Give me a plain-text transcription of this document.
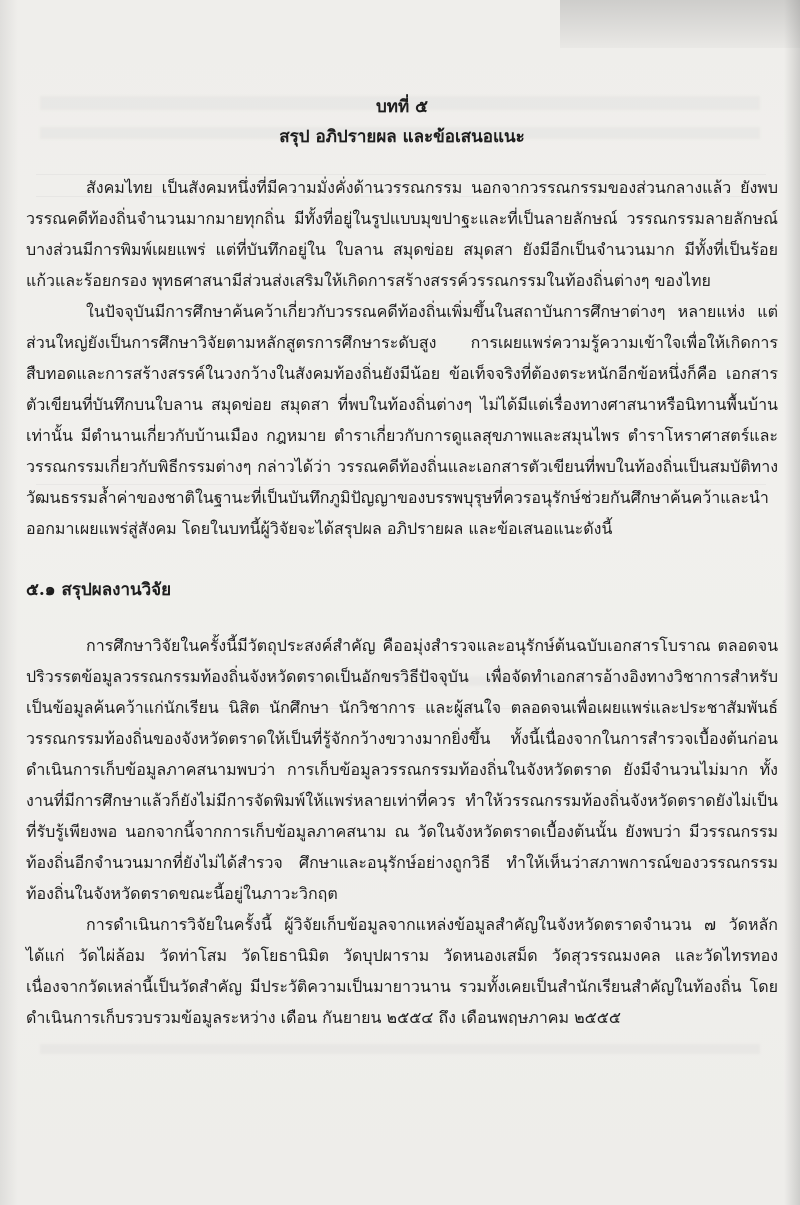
บทที่ ๕
สรุป อภิปรายผล และข้อเสนอแนะ

สังคมไทย เป็นสังคมหนึ่งที่มีความมั่งคั่งด้านวรรณกรรม นอกจากวรรณกรรมของส่วนกลางแล้ว ยังพบวรรณคดีท้องถิ่นจำนวนมากมายทุกถิ่น มีทั้งที่อยู่ในรูปแบบมุขปาฐะและที่เป็นลายลักษณ์ วรรณกรรมลายลักษณ์บางส่วนมีการพิมพ์เผยแพร่ แต่ที่บันทึกอยู่ใน ใบลาน สมุดข่อย สมุดสา ยังมีอีกเป็นจำนวนมาก มีทั้งที่เป็นร้อยแก้วและร้อยกรอง พุทธศาสนามีส่วนส่งเสริมให้เกิดการสร้างสรรค์วรรณกรรมในท้องถิ่นต่างๆ ของไทย

ในปัจจุบันมีการศึกษาค้นคว้าเกี่ยวกับวรรณคดีท้องถิ่นเพิ่มขึ้นในสถาบันการศึกษาต่างๆ หลายแห่ง แต่ส่วนใหญ่ยังเป็นการศึกษาวิจัยตามหลักสูตรการศึกษาระดับสูง การเผยแพร่ความรู้ความเข้าใจเพื่อให้เกิดการสืบทอดและการสร้างสรรค์ในวงกว้างในสังคมท้องถิ่นยังมีน้อย ข้อเท็จจริงที่ต้องตระหนักอีกข้อหนึ่งก็คือ เอกสารตัวเขียนที่บันทึกบนใบลาน สมุดข่อย สมุดสา ที่พบในท้องถิ่นต่างๆ ไม่ได้มีแต่เรื่องทางศาสนาหรือนิทานพื้นบ้านเท่านั้น มีตำนานเกี่ยวกับบ้านเมือง กฎหมาย ตำราเกี่ยวกับการดูแลสุขภาพและสมุนไพร ตำราโหราศาสตร์และวรรณกรรมเกี่ยวกับพิธีกรรมต่างๆ กล่าวได้ว่า วรรณคดีท้องถิ่นและเอกสารตัวเขียนที่พบในท้องถิ่นเป็นสมบัติทางวัฒนธรรมล้ำค่าของชาติในฐานะที่เป็นบันทึกภูมิปัญญาของบรรพบุรุษที่ควรอนุรักษ์ช่วยกันศึกษาค้นคว้าและนำออกมาเผยแพร่สู่สังคม โดยในบทนี้ผู้วิจัยจะได้สรุปผล อภิปรายผล และข้อเสนอแนะดังนี้

๕.๑ สรุปผลงานวิจัย

การศึกษาวิจัยในครั้งนี้มีวัตถุประสงค์สำคัญ คืออมุ่งสำรวจและอนุรักษ์ต้นฉบับเอกสารโบราณ ตลอดจนปริวรรตข้อมูลวรรณกรรมท้องถิ่นจังหวัดตราดเป็นอักขรวิธีปัจจุบัน เพื่อจัดทำเอกสารอ้างอิงทางวิชาการสำหรับเป็นข้อมูลค้นคว้าแก่นักเรียน นิสิต นักศึกษา นักวิชาการ และผู้สนใจ ตลอดจนเพื่อเผยแพร่และประชาสัมพันธ์วรรณกรรมท้องถิ่นของจังหวัดตราดให้เป็นที่รู้จักกว้างขวางมากยิ่งขึ้น ทั้งนี้เนื่องจากในการสำรวจเบื้องต้นก่อนดำเนินการเก็บข้อมูลภาคสนามพบว่า การเก็บข้อมูลวรรณกรรมท้องถิ่นในจังหวัดตราด ยังมีจำนวนไม่มาก ทั้งงานที่มีการศึกษาแล้วก็ยังไม่มีการจัดพิมพ์ให้แพร่หลายเท่าที่ควร ทำให้วรรณกรรมท้องถิ่นจังหวัดตราดยังไม่เป็นที่รับรู้เพียงพอ นอกจากนี้จากการเก็บข้อมูลภาคสนาม ณ วัดในจังหวัดตราดเบื้องต้นนั้น ยังพบว่า มีวรรณกรรมท้องถิ่นอีกจำนวนมากที่ยังไม่ได้สำรวจ ศึกษาและอนุรักษ์อย่างถูกวิธี ทำให้เห็นว่าสภาพการณ์ของวรรณกรรมท้องถิ่นในจังหวัดตราดขณะนี้อยู่ในภาวะวิกฤต

การดำเนินการวิจัยในครั้งนี้ ผู้วิจัยเก็บข้อมูลจากแหล่งข้อมูลสำคัญในจังหวัดตราดจำนวน ๗ วัดหลัก ได้แก่ วัดไผ่ล้อม วัดท่าโสม วัดโยธานิมิต วัดบุปผาราม วัดหนองเสม็ด วัดสุวรรณมงคล และวัดไทรทอง เนื่องจากวัดเหล่านี้เป็นวัดสำคัญ มีประวัติความเป็นมายาวนาน รวมทั้งเคยเป็นสำนักเรียนสำคัญในท้องถิ่น โดยดำเนินการเก็บรวบรวมข้อมูลระหว่าง เดือน กันยายน ๒๕๕๔ ถึง เดือนพฤษภาคม ๒๕๕๕
